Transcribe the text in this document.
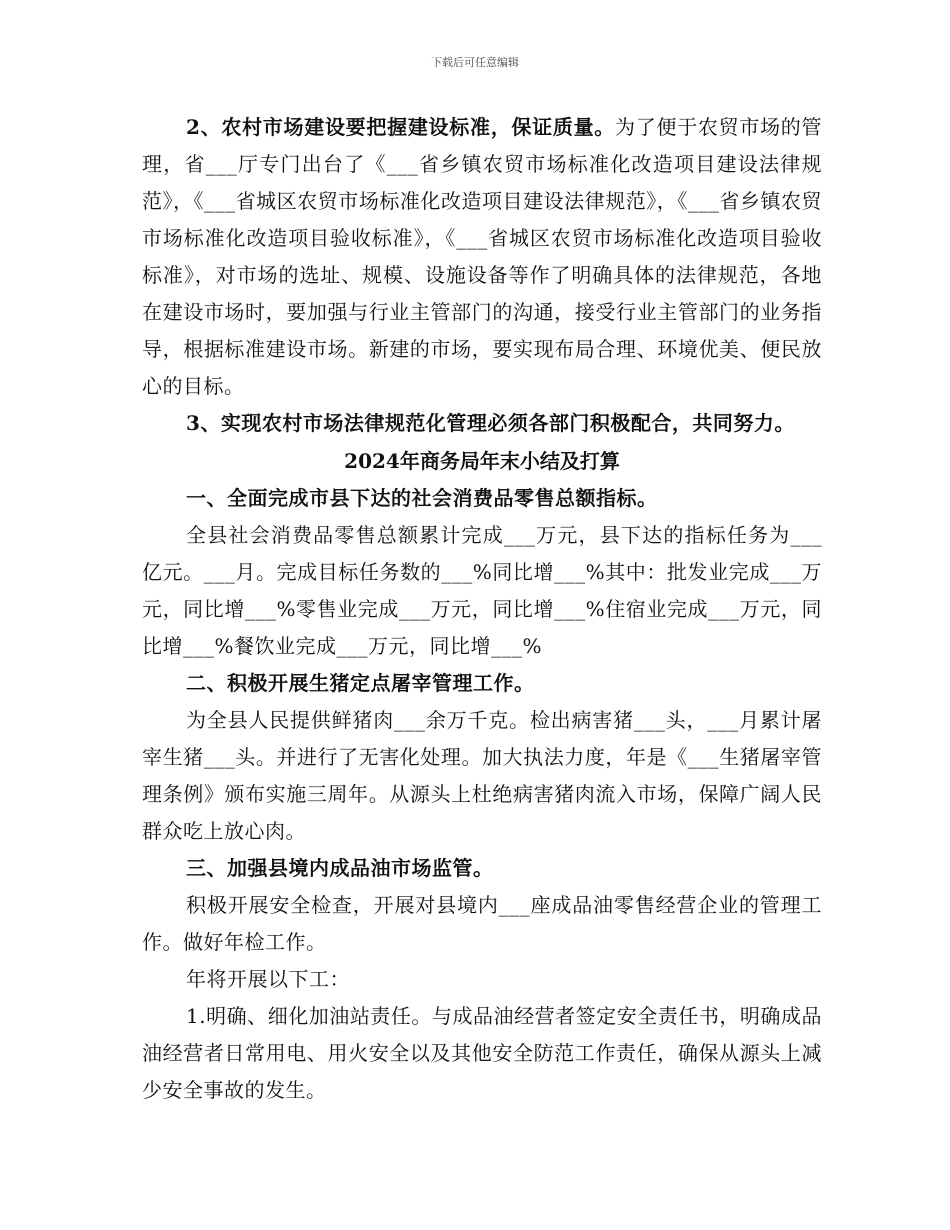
下载后可任意编辑

2、农村市场建设要把握建设标准，保证质量。为了便于农贸市场的管理，省___厅专门出台了《___省乡镇农贸市场标准化改造项目建设法律规范》，《___省城区农贸市场标准化改造项目建设法律规范》，《___省乡镇农贸市场标准化改造项目验收标准》，《___省城区农贸市场标准化改造项目验收标准》，对市场的选址、规模、设施设备等作了明确具体的法律规范，各地在建设市场时，要加强与行业主管部门的沟通，接受行业主管部门的业务指导，根据标准建设市场。新建的市场，要实现布局合理、环境优美、便民放心的目标。

3、实现农村市场法律规范化管理必须各部门积极配合，共同努力。

2024年商务局年末小结及打算

一、全面完成市县下达的社会消费品零售总额指标。

全县社会消费品零售总额累计完成___万元，县下达的指标任务为___亿元。___月。完成目标任务数的___%同比增___%其中：批发业完成___万元，同比增___%零售业完成___万元，同比增___%住宿业完成___万元，同比增___%餐饮业完成___万元，同比增___%

二、积极开展生猪定点屠宰管理工作。

为全县人民提供鲜猪肉___余万千克。检出病害猪___头，___月累计屠宰生猪___头。并进行了无害化处理。加大执法力度，年是《___生猪屠宰管理条例》颁布实施三周年。从源头上杜绝病害猪肉流入市场，保障广阔人民群众吃上放心肉。

三、加强县境内成品油市场监管。

积极开展安全检查，开展对县境内___座成品油零售经营企业的管理工作。做好年检工作。

年将开展以下工：

1.明确、细化加油站责任。与成品油经营者签定安全责任书，明确成品油经营者日常用电、用火安全以及其他安全防范工作责任，确保从源头上减少安全事故的发生。
